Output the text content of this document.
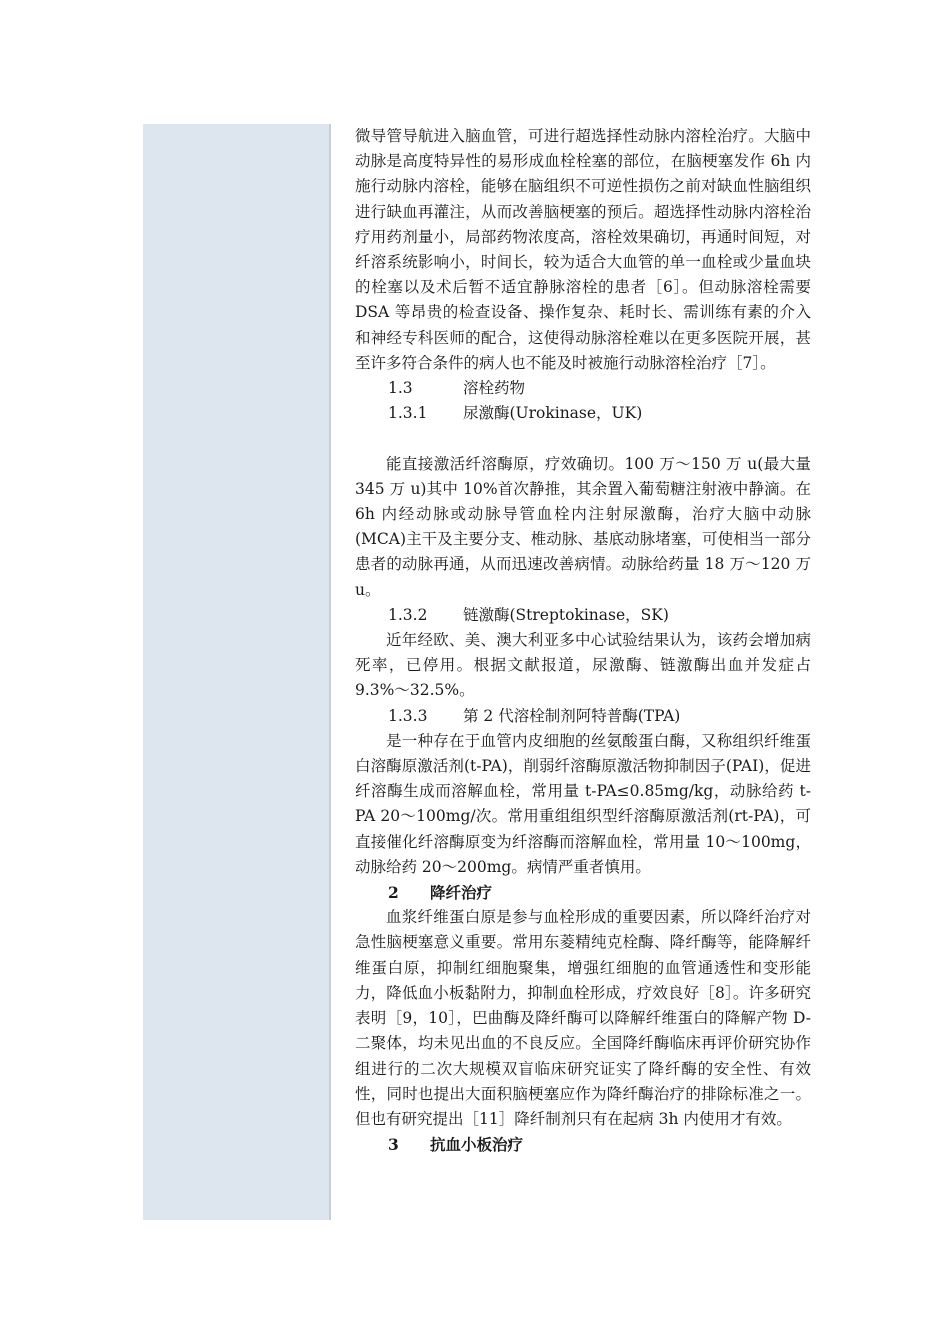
微导管导航进入脑血管，可进行超选择性动脉内溶栓治疗。大脑中动脉是高度特异性的易形成血栓栓塞的部位，在脑梗塞发作 6h 内施行动脉内溶栓，能够在脑组织不可逆性损伤之前对缺血性脑组织进行缺血再灌注，从而改善脑梗塞的预后。超选择性动脉内溶栓治疗用药剂量小，局部药物浓度高，溶栓效果确切，再通时间短，对纤溶系统影响小，时间长，较为适合大血管的单一血栓或少量血块的栓塞以及术后暂不适宜静脉溶栓的患者［6］。但动脉溶栓需要 DSA 等昂贵的检查设备、操作复杂、耗时长、需训练有素的介入和神经专科医师的配合，这使得动脉溶栓难以在更多医院开展，甚至许多符合条件的病人也不能及时被施行动脉溶栓治疗［7］。

1.3	溶栓药物

1.3.1 尿激酶(Urokinase，UK)

能直接激活纤溶酶原，疗效确切。100 万～150 万 u(最大量 345 万 u)其中 10%首次静推，其余置入葡萄糖注射液中静滴。在 6h 内经动脉或动脉导管血栓内注射尿激酶，治疗大脑中动脉(MCA)主干及主要分支、椎动脉、基底动脉堵塞，可使相当一部分患者的动脉再通，从而迅速改善病情。动脉给药量 18 万～120 万 u。

1.3.2 链激酶(Streptokinase，SK)

近年经欧、美、澳大利亚多中心试验结果认为，该药会增加病死率，已停用。根据文献报道，尿激酶、链激酶出血并发症占 9.3%～32.5%。

1.3.3 第 2 代溶栓制剂阿特普酶(TPA)

是一种存在于血管内皮细胞的丝氨酸蛋白酶，又称组织纤维蛋白溶酶原激活剂(t-PA)，削弱纤溶酶原激活物抑制因子(PAI)，促进纤溶酶生成而溶解血栓，常用量 t-PA≤0.85mg/kg，动脉给药 t-PA 20～100mg/次。常用重组组织型纤溶酶原激活剂(rt-PA)，可直接催化纤溶酶原变为纤溶酶而溶解血栓，常用量 10～100mg，动脉给药 20～200mg。病情严重者慎用。

2 降纤治疗

血浆纤维蛋白原是参与血栓形成的重要因素，所以降纤治疗对急性脑梗塞意义重要。常用东菱精纯克栓酶、降纤酶等，能降解纤维蛋白原，抑制红细胞聚集，增强红细胞的血管通透性和变形能力，降低血小板黏附力，抑制血栓形成，疗效良好［8］。许多研究表明［9，10］，巴曲酶及降纤酶可以降解纤维蛋白的降解产物 D-二聚体，均未见出血的不良反应。全国降纤酶临床再评价研究协作组进行的二次大规模双盲临床研究证实了降纤酶的安全性、有效性，同时也提出大面积脑梗塞应作为降纤酶治疗的排除标准之一。但也有研究提出［11］降纤制剂只有在起病 3h 内使用才有效。

3 抗血小板治疗
